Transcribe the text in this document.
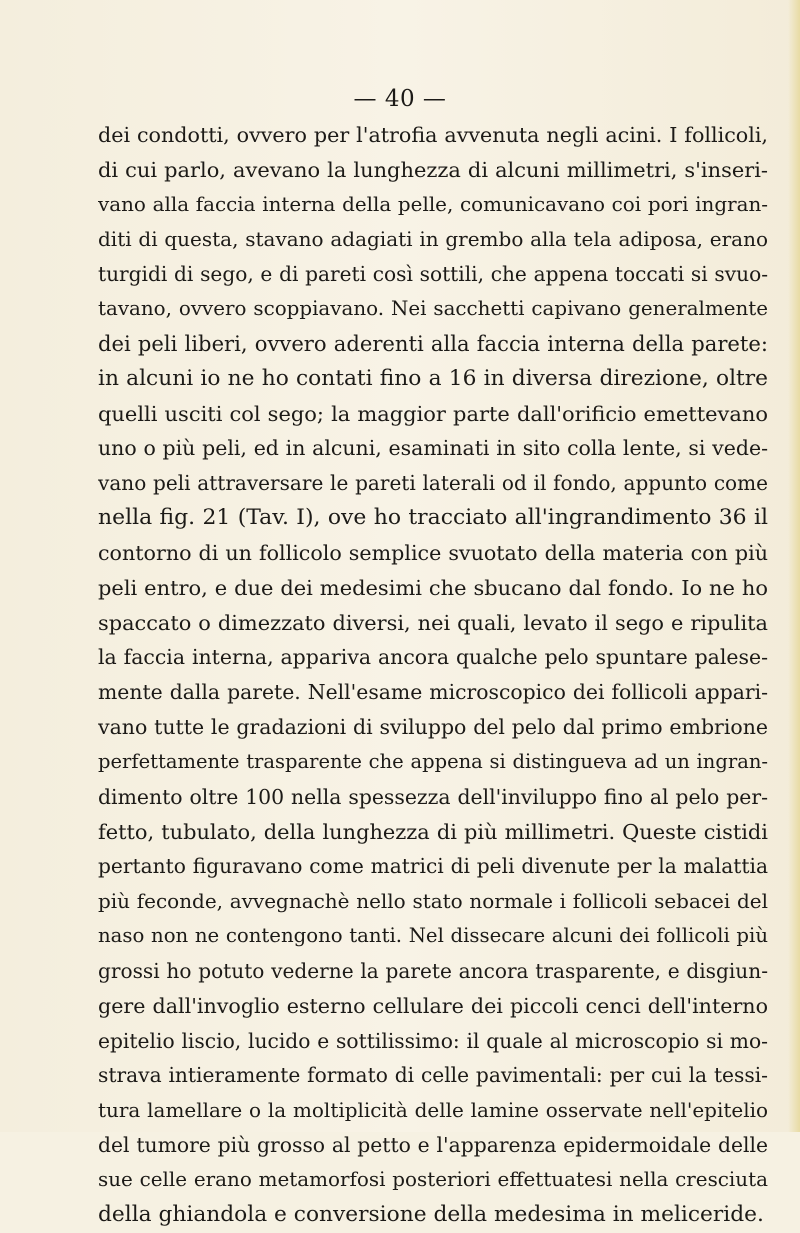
— 40 —
dei condotti, ovvero per l'atrofia avvenuta negli acini. I follicoli,
di cui parlo, avevano la lunghezza di alcuni millimetri, s'inseri-
vano alla faccia interna della pelle, comunicavano coi pori ingran-
diti di questa, stavano adagiati in grembo alla tela adiposa, erano
turgidi di sego, e di pareti così sottili, che appena toccati si svuo-
tavano, ovvero scoppiavano. Nei sacchetti capivano generalmente
dei peli liberi, ovvero aderenti alla faccia interna della parete:
in alcuni io ne ho contati fino a 16 in diversa direzione, oltre
quelli usciti col sego; la maggior parte dall'orificio emettevano
uno o più peli, ed in alcuni, esaminati in sito colla lente, si vede-
vano peli attraversare le pareti laterali od il fondo, appunto come
nella fig. 21 (Tav. I), ove ho tracciato all'ingrandimento 36 il
contorno di un follicolo semplice svuotato della materia con più
peli entro, e due dei medesimi che sbucano dal fondo. Io ne ho
spaccato o dimezzato diversi, nei quali, levato il sego e ripulita
la faccia interna, appariva ancora qualche pelo spuntare palese-
mente dalla parete. Nell'esame microscopico dei follicoli appari-
vano tutte le gradazioni di sviluppo del pelo dal primo embrione
perfettamente trasparente che appena si distingueva ad un ingran-
dimento oltre 100 nella spessezza dell'inviluppo fino al pelo per-
fetto, tubulato, della lunghezza di più millimetri. Queste cistidi
pertanto figuravano come matrici di peli divenute per la malattia
più feconde, avvegnachè nello stato normale i follicoli sebacei del
naso non ne contengono tanti. Nel dissecare alcuni dei follicoli più
grossi ho potuto vederne la parete ancora trasparente, e disgiun-
gere dall'invoglio esterno cellulare dei piccoli cenci dell'interno
epitelio liscio, lucido e sottilissimo: il quale al microscopio si mo-
strava intieramente formato di celle pavimentali: per cui la tessi-
tura lamellare o la moltiplicità delle lamine osservate nell'epitelio
del tumore più grosso al petto e l'apparenza epidermoidale delle
sue celle erano metamorfosi posteriori effettuatesi nella cresciuta
della ghiandola e conversione della medesima in meliceride.
